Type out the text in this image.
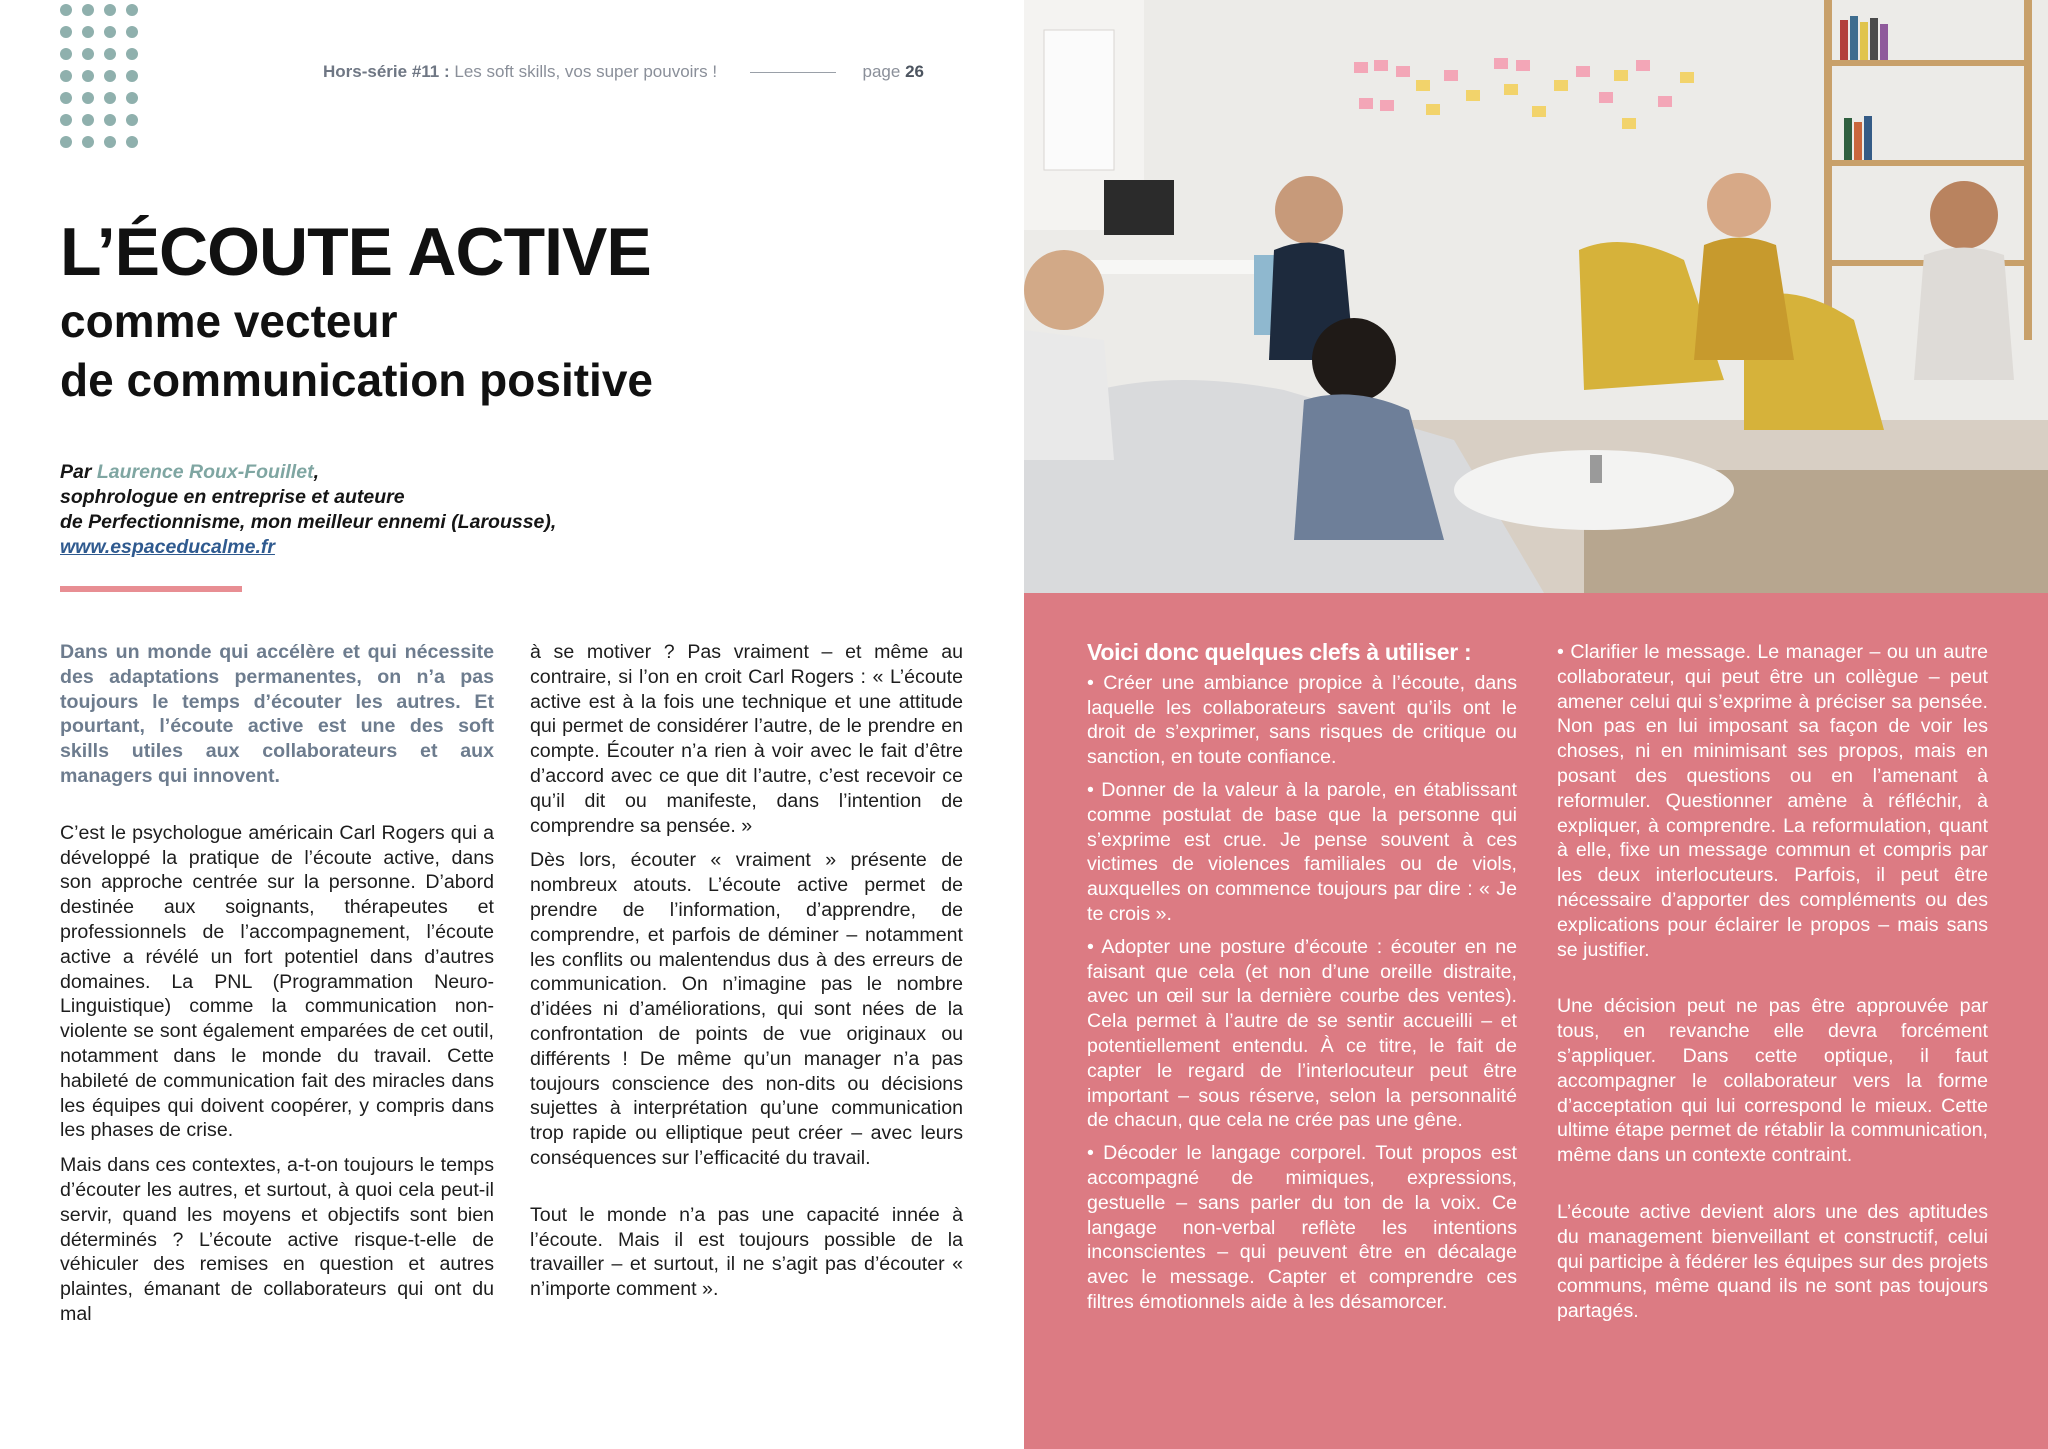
Hors-série #11 : Les soft skills, vos super pouvoirs !	page 26
L’ÉCOUTE ACTIVE
comme vecteur
de communication positive
Par Laurence Roux-Fouillet,
sophrologue en entreprise et auteure
de Perfectionnisme, mon meilleur ennemi (Larousse),
www.espaceducalme.fr

Dans un monde qui accélère et qui nécessite des adaptations permanentes, on n’a pas toujours le temps d’écouter les autres. Et pourtant, l’écoute active est une des soft skills utiles aux collaborateurs et aux managers qui innovent.

C’est le psychologue américain Carl Rogers qui a développé la pratique de l’écoute active, dans son approche centrée sur la personne. D’abord destinée aux soignants, thérapeutes et professionnels de l’accompagnement, l’écoute active a révélé un fort potentiel dans d’autres domaines. La PNL (Programmation Neuro-Linguistique) comme la communication non-violente se sont également emparées de cet outil, notamment dans le monde du travail. Cette habileté de communication fait des miracles dans les équipes qui doivent coopérer, y compris dans les phases de crise.

Mais dans ces contextes, a-t-on toujours le temps d’écouter les autres, et surtout, à quoi cela peut-il servir, quand les moyens et objectifs sont bien déterminés ? L’écoute active risque-t-elle de véhiculer des remises en question et autres plaintes, émanant de collaborateurs qui ont du mal

à se motiver ? Pas vraiment – et même au contraire, si l’on en croit Carl Rogers : « L’écoute active est à la fois une technique et une attitude qui permet de considérer l’autre, de le prendre en compte. Écouter n’a rien à voir avec le fait d’être d’accord avec ce que dit l’autre, c’est recevoir ce qu’il dit ou manifeste, dans l’intention de comprendre sa pensée. »

Dès lors, écouter « vraiment » présente de nombreux atouts. L’écoute active permet de prendre de l’information, d’apprendre, de comprendre, et parfois de déminer – notamment les conflits ou malentendus dus à des erreurs de communication. On n’imagine pas le nombre d’idées ni d’améliorations, qui sont nées de la confrontation de points de vue originaux ou différents ! De même qu’un manager n’a pas toujours conscience des non-dits ou décisions sujettes à interprétation qu’une communication trop rapide ou elliptique peut créer – avec leurs conséquences sur l’efficacité du travail.

Tout le monde n’a pas une capacité innée à l’écoute. Mais il est toujours possible de la travailler – et surtout, il ne s’agit pas d’écouter « n’importe comment ».

Voici donc quelques clefs à utiliser :

• Créer une ambiance propice à l’écoute, dans laquelle les collaborateurs savent qu’ils ont le droit de s’exprimer, sans risques de critique ou sanction, en toute confiance.

• Donner de la valeur à la parole, en établissant comme postulat de base que la personne qui s’exprime est crue. Je pense souvent à ces victimes de violences familiales ou de viols, auxquelles on commence toujours par dire : « Je te crois ».

• Adopter une posture d’écoute : écouter en ne faisant que cela (et non d’une oreille distraite, avec un œil sur la dernière courbe des ventes). Cela permet à l’autre de se sentir accueilli – et potentiellement entendu. À ce titre, le fait de capter le regard de l’interlocuteur peut être important – sous réserve, selon la personnalité de chacun, que cela ne crée pas une gêne.

• Décoder le langage corporel. Tout propos est accompagné de mimiques, expressions, gestuelle – sans parler du ton de la voix. Ce langage non-verbal reflète les intentions inconscientes – qui peuvent être en décalage avec le message. Capter et comprendre ces filtres émotionnels aide à les désamorcer.

• Clarifier le message. Le manager – ou un autre collaborateur, qui peut être un collègue – peut amener celui qui s’exprime à préciser sa pensée. Non pas en lui imposant sa façon de voir les choses, ni en minimisant ses propos, mais en posant des questions ou en l’amenant à reformuler. Questionner amène à réfléchir, à expliquer, à comprendre. La reformulation, quant à elle, fixe un message commun et compris par les deux interlocuteurs. Parfois, il peut être nécessaire d’apporter des compléments ou des explications pour éclairer le propos – mais sans se justifier.

Une décision peut ne pas être approuvée par tous, en revanche elle devra forcément s’appliquer. Dans cette optique, il faut accompagner le collaborateur vers la forme d’acceptation qui lui correspond le mieux. Cette ultime étape permet de rétablir la communication, même dans un contexte contraint.

L’écoute active devient alors une des aptitudes du management bienveillant et constructif, celui qui participe à fédérer les équipes sur des projets communs, même quand ils ne sont pas toujours partagés.
